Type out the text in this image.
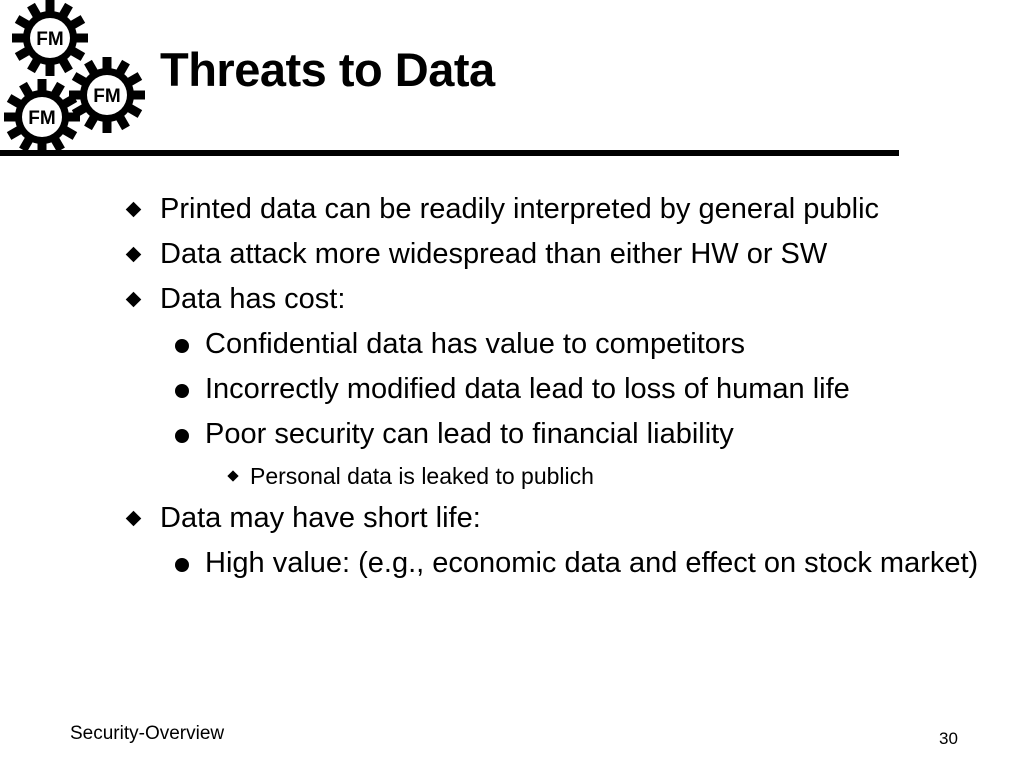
FM
FM
FM
Threats to Data
Printed data can be readily interpreted by general public
Data attack more widespread than either HW or SW
Data has cost:
Confidential data has value to competitors
Incorrectly modified data lead to loss of human life
Poor security can lead to financial liability
Personal data is leaked to publich
Data may have short life:
High value: (e.g., economic data and effect on stock market)
Security-Overview	30
